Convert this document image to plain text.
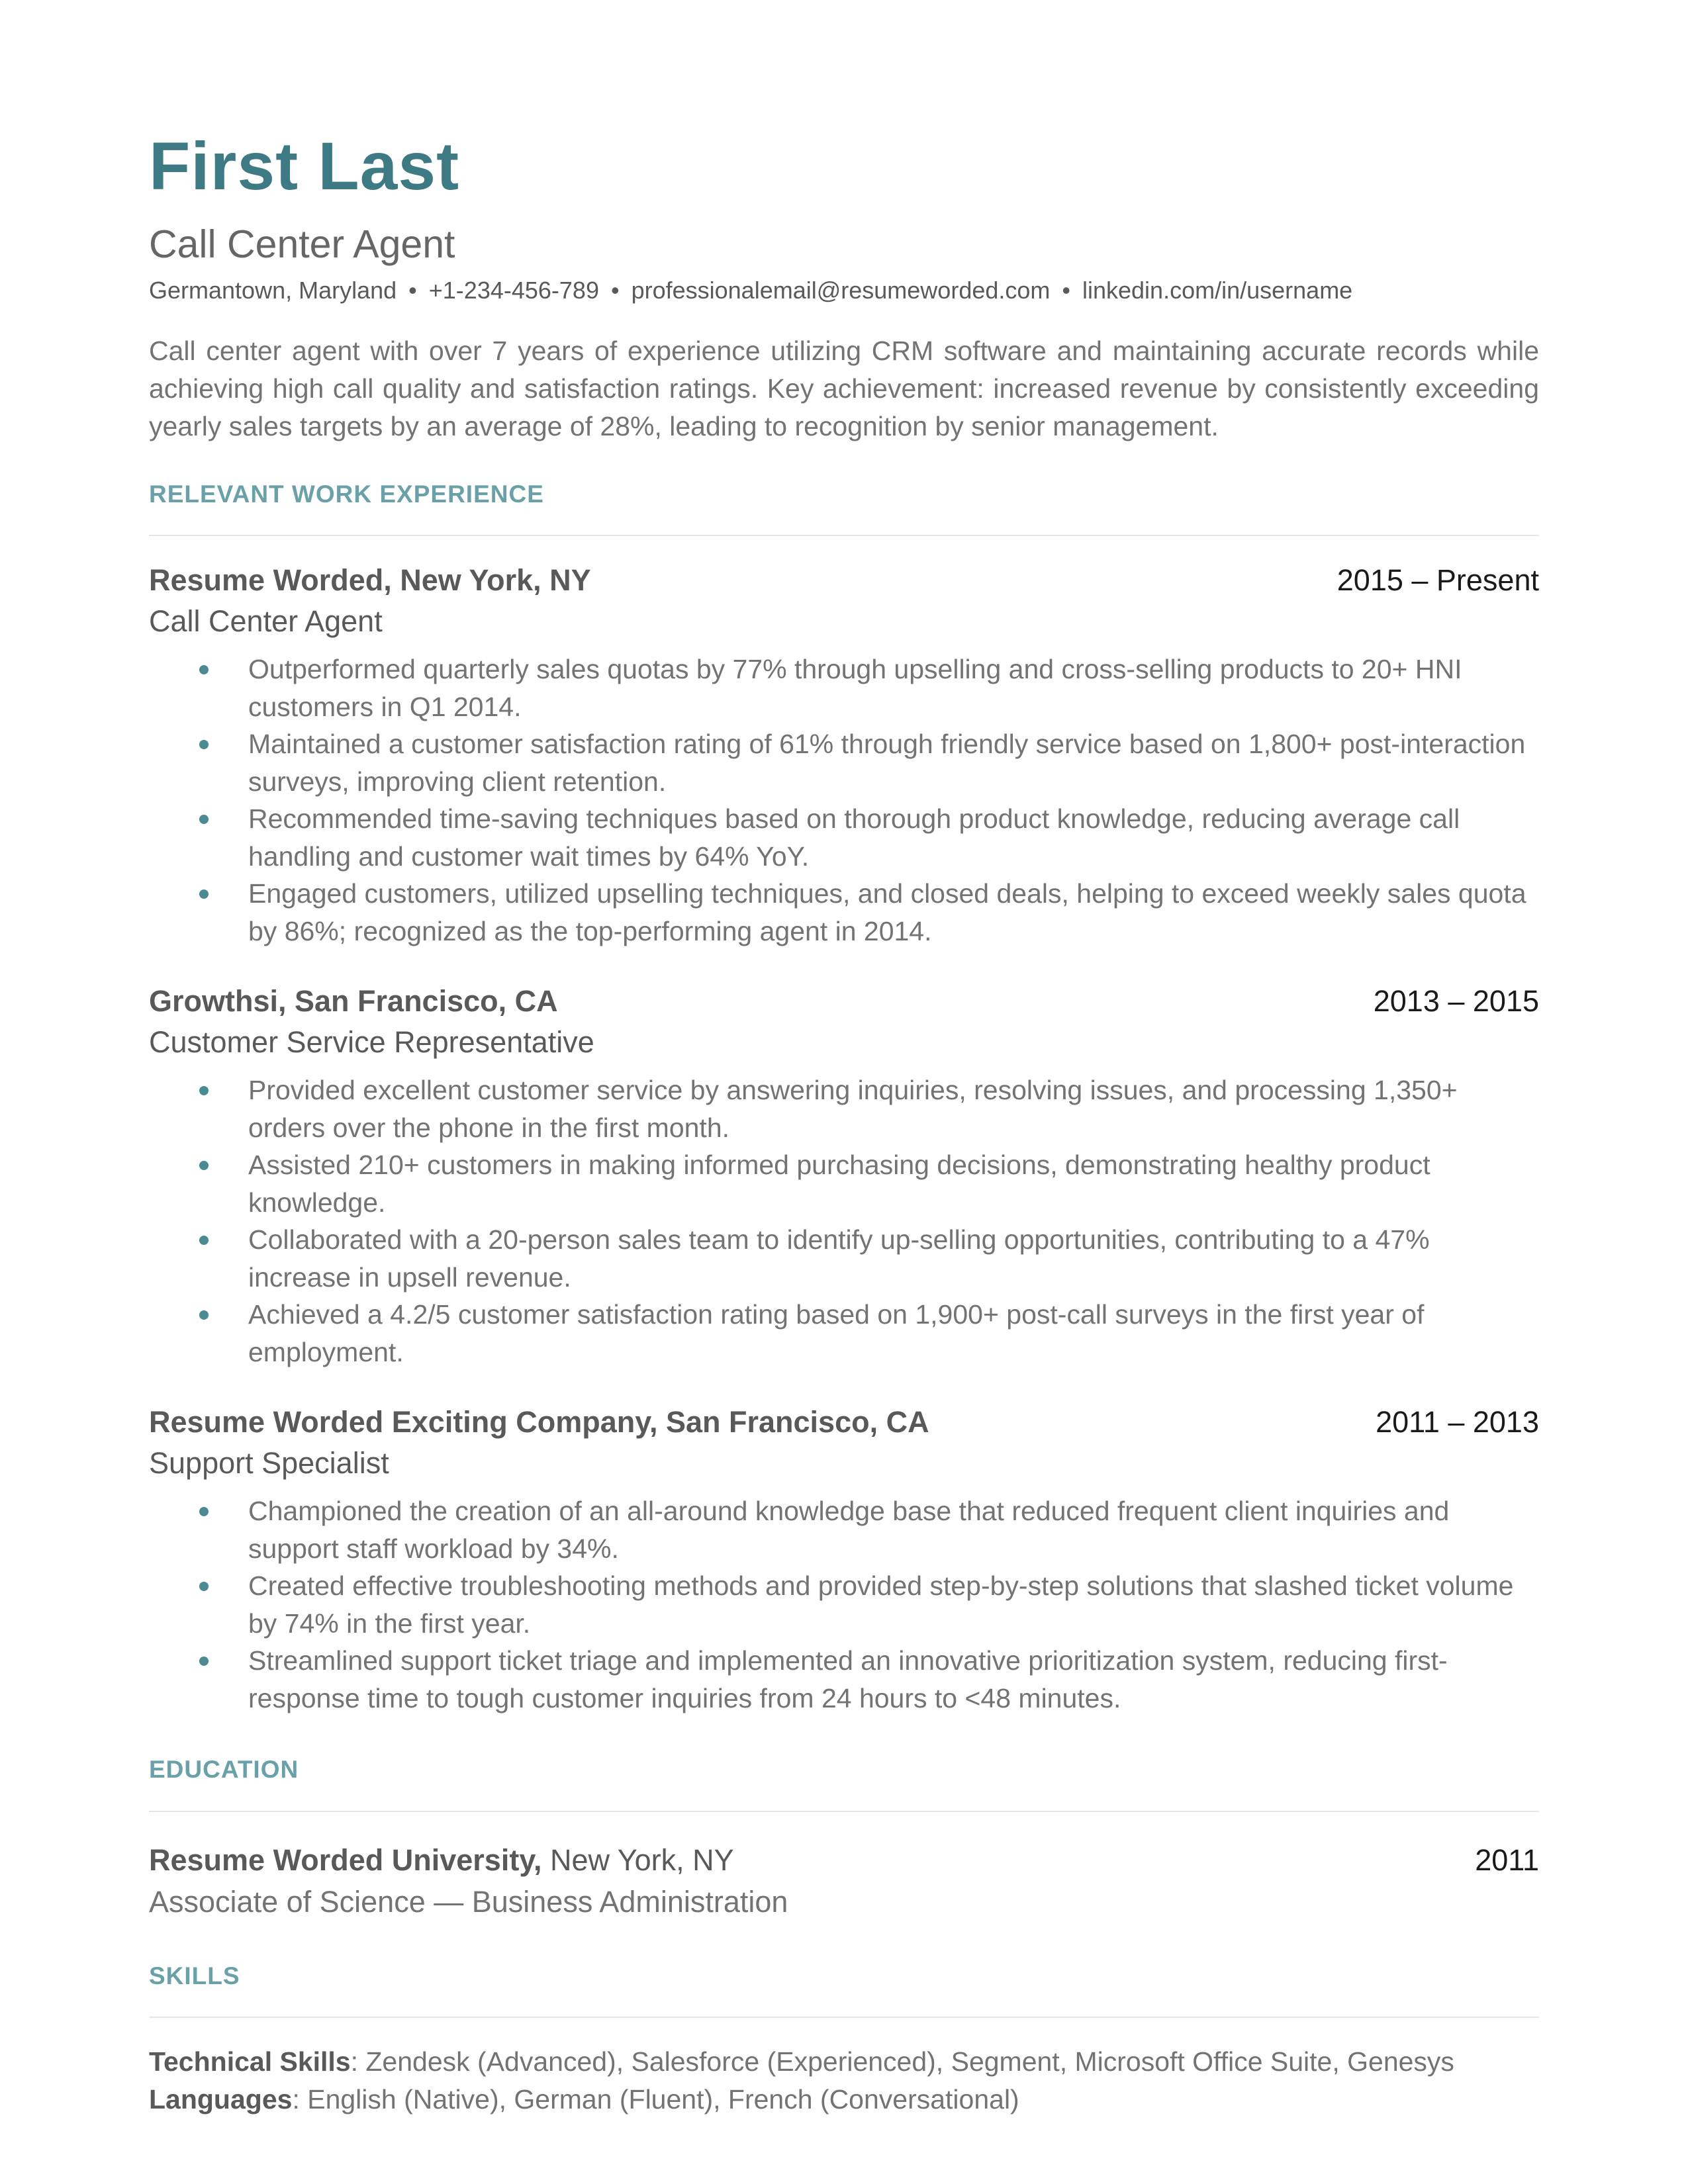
First Last
Call Center Agent
Germantown, Maryland • +1-234-456-789 • professionalemail@resumeworded.com • linkedin.com/in/username
Call center agent with over 7 years of experience utilizing CRM software and maintaining accurate records while achieving high call quality and satisfaction ratings. Key achievement: increased revenue by consistently exceeding yearly sales targets by an average of 28%, leading to recognition by senior management.
RELEVANT WORK EXPERIENCE
Resume Worded, New York, NY	2015 – Present
Call Center Agent
Outperformed quarterly sales quotas by 77% through upselling and cross-selling products to 20+ HNI customers in Q1 2014.
Maintained a customer satisfaction rating of 61% through friendly service based on 1,800+ post-interaction surveys, improving client retention.
Recommended time-saving techniques based on thorough product knowledge, reducing average call handling and customer wait times by 64% YoY.
Engaged customers, utilized upselling techniques, and closed deals, helping to exceed weekly sales quota by 86%; recognized as the top-performing agent in 2014.
Growthsi, San Francisco, CA	2013 – 2015
Customer Service Representative
Provided excellent customer service by answering inquiries, resolving issues, and processing 1,350+ orders over the phone in the first month.
Assisted 210+ customers in making informed purchasing decisions, demonstrating healthy product knowledge.
Collaborated with a 20-person sales team to identify up-selling opportunities, contributing to a 47% increase in upsell revenue.
Achieved a 4.2/5 customer satisfaction rating based on 1,900+ post-call surveys in the first year of employment.
Resume Worded Exciting Company, San Francisco, CA	2011 – 2013
Support Specialist
Championed the creation of an all-around knowledge base that reduced frequent client inquiries and support staff workload by 34%.
Created effective troubleshooting methods and provided step-by-step solutions that slashed ticket volume by 74% in the first year.
Streamlined support ticket triage and implemented an innovative prioritization system, reducing first-response time to tough customer inquiries from 24 hours to <48 minutes.
EDUCATION
Resume Worded University, New York, NY	2011
Associate of Science — Business Administration
SKILLS
Technical Skills: Zendesk (Advanced), Salesforce (Experienced), Segment, Microsoft Office Suite, Genesys
Languages: English (Native), German (Fluent), French (Conversational)
